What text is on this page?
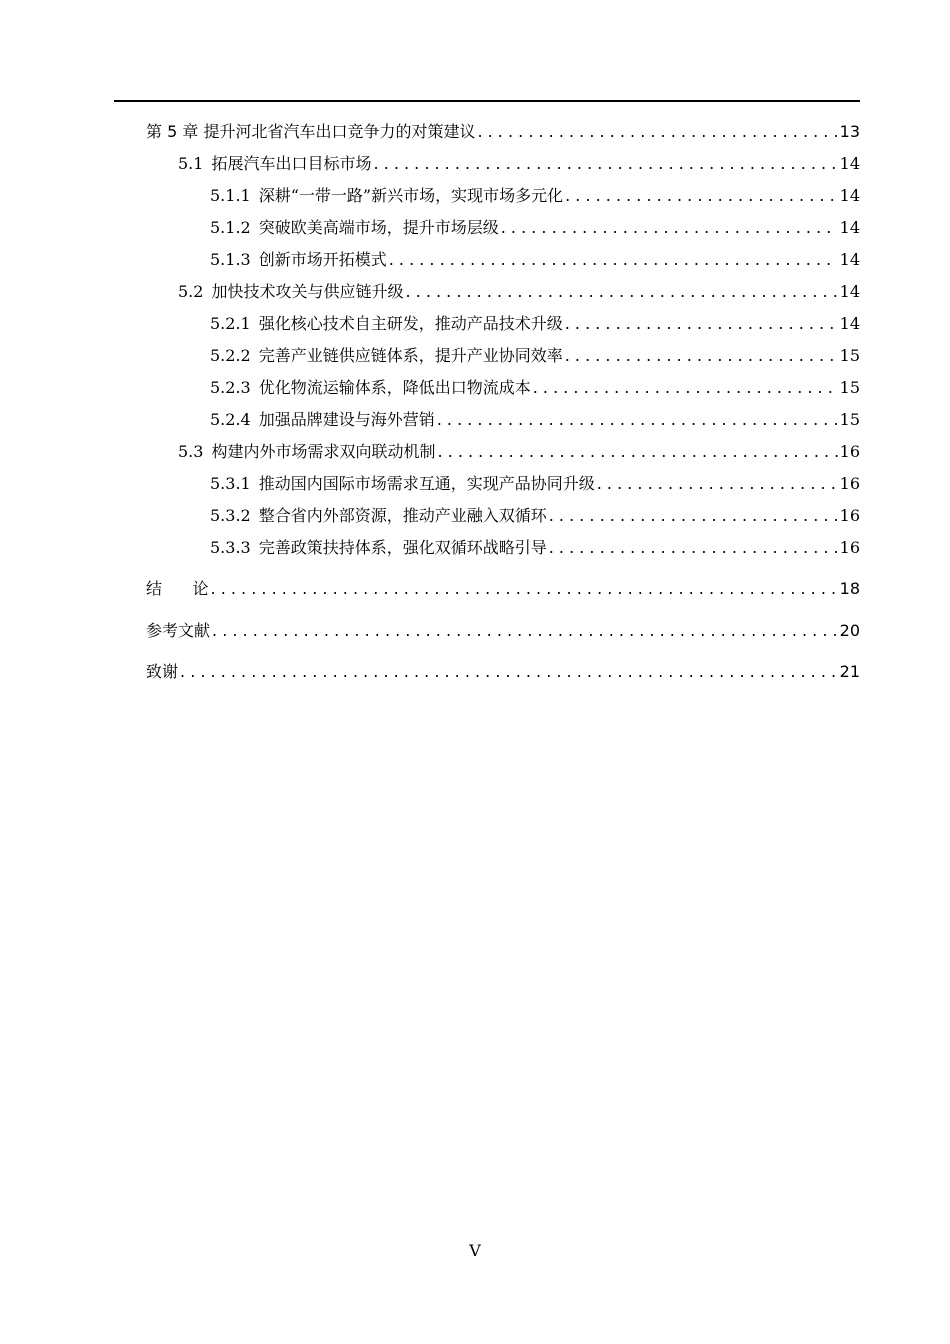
第 5 章 提升河北省汽车出口竞争力的对策建议 . . .	13
5.1 拓展汽车出口目标市场 . . .	14
5.1.1 深耕“一带一路”新兴市场，实现市场多元化 . . .	14
5.1.2 突破欧美高端市场，提升市场层级 . . .	14
5.1.3 创新市场开拓模式 . . .	14
5.2 加快技术攻关与供应链升级 . . .	14
5.2.1 强化核心技术自主研发，推动产品技术升级 . . .	14
5.2.2 完善产业链供应链体系，提升产业协同效率 . . .	15
5.2.3 优化物流运输体系，降低出口物流成本 . . .	15
5.2.4 加强品牌建设与海外营销 . . .	15
5.3 构建内外市场需求双向联动机制 . . .	16
5.3.1 推动国内国际市场需求互通，实现产品协同升级 . . .	16
5.3.2 整合省内外部资源，推动产业融入双循环 . . .	16
5.3.3 完善政策扶持体系，强化双循环战略引导 . . .	16
结      论 . . .	18
参考文献 . . .	20
致谢 . . .	21
V
